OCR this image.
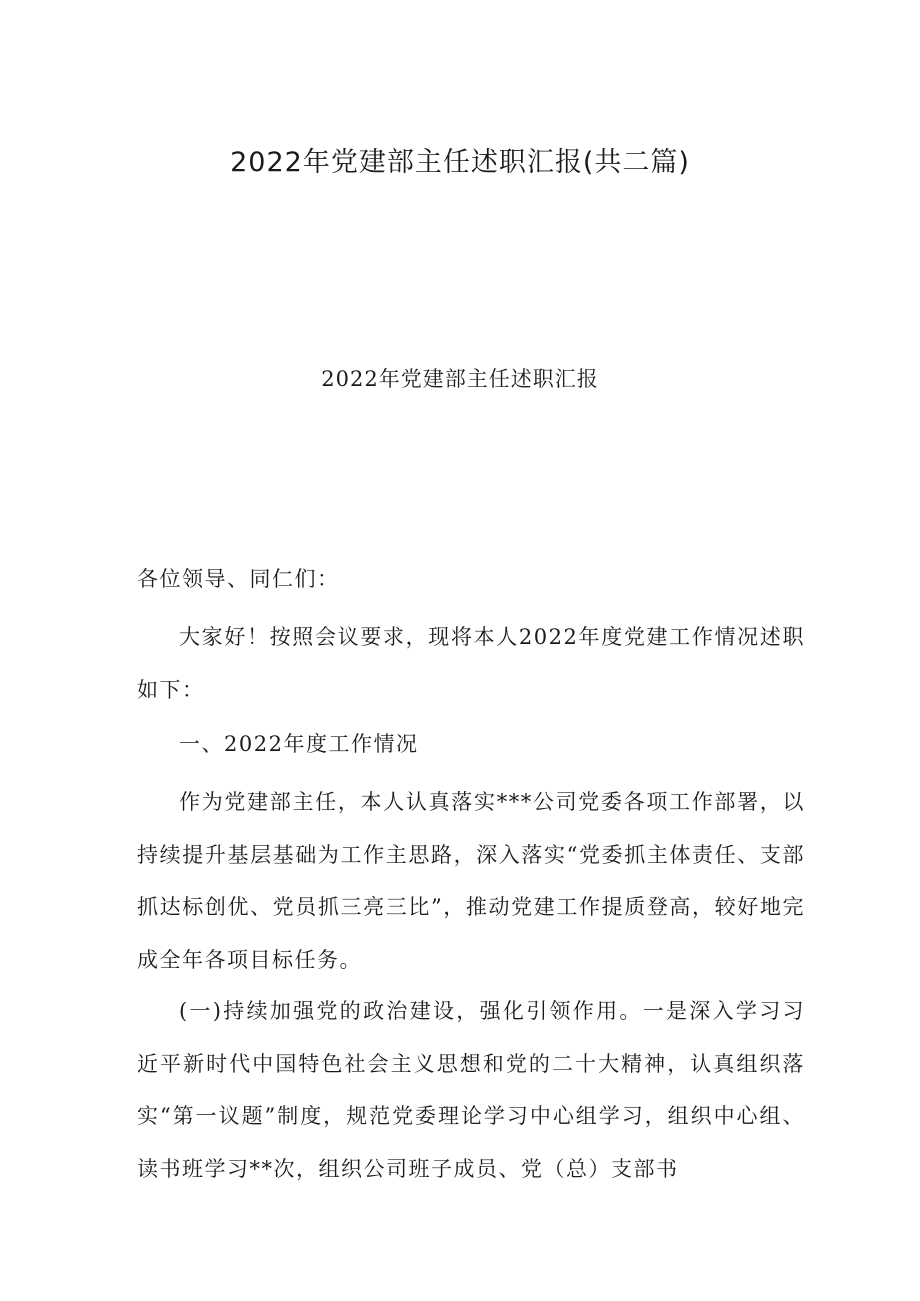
2022年党建部主任述职汇报(共二篇)
2022年党建部主任述职汇报
各位领导、同仁们：

大家好！按照会议要求，现将本人2022年度党建工作情况述职如下：

一、2022年度工作情况

作为党建部主任，本人认真落实***公司党委各项工作部署，以持续提升基层基础为工作主思路，深入落实“党委抓主体责任、支部抓达标创优、党员抓三亮三比”，推动党建工作提质登高，较好地完成全年各项目标任务。

(一)持续加强党的政治建设，强化引领作用。一是深入学习习近平新时代中国特色社会主义思想和党的二十大精神，认真组织落实“第一议题”制度，规范党委理论学习中心组学习，组织中心组、读书班学习**次，组织公司班子成员、党（总）支部书
